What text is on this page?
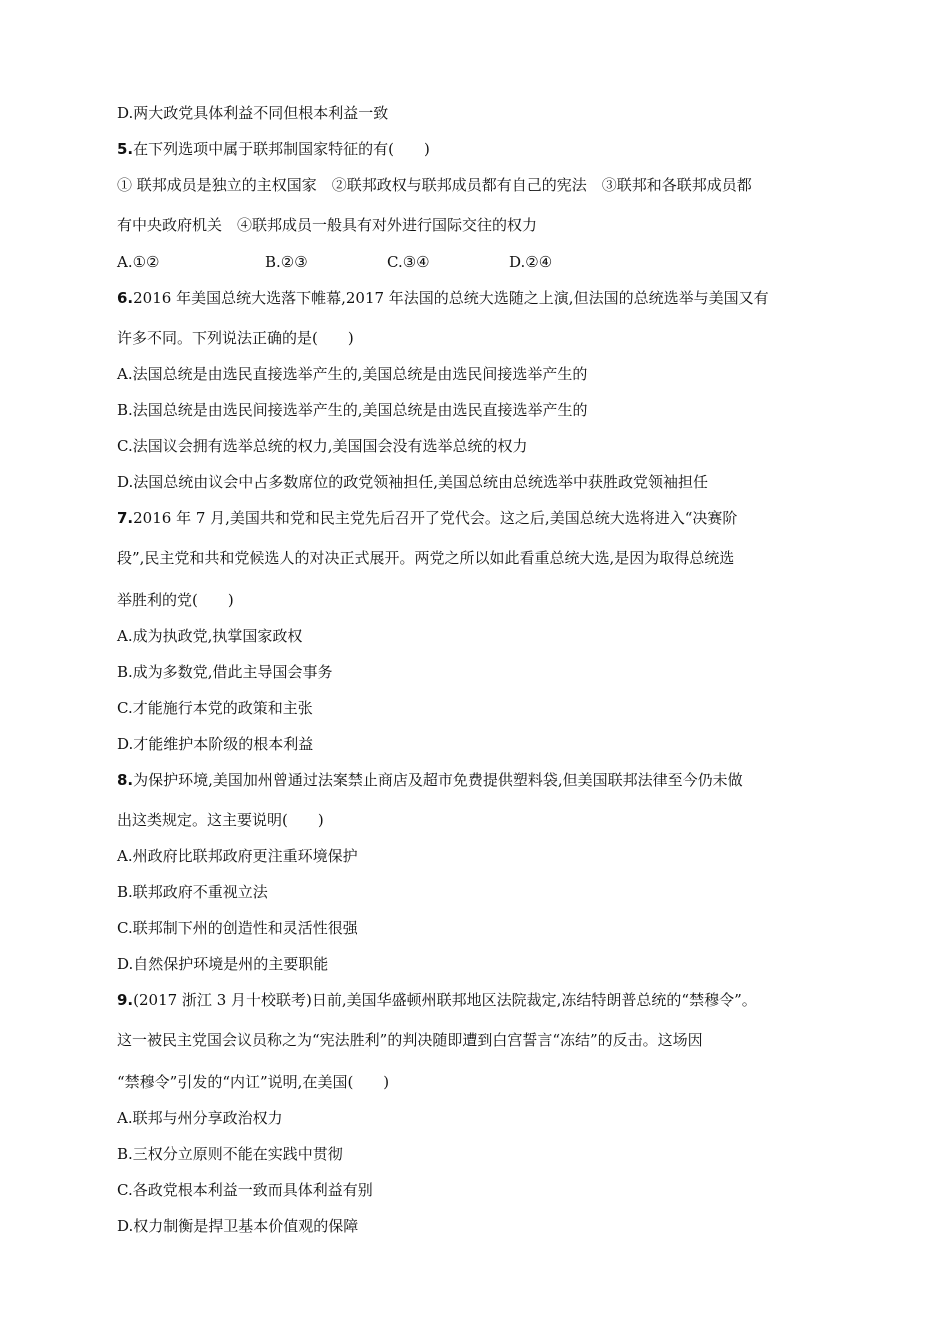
D.两大政党具体利益不同但根本利益一致
5.在下列选项中属于联邦制国家特征的有(　　)
① 联邦成员是独立的主权国家　②联邦政权与联邦成员都有自己的宪法　③联邦和各联邦成员都
有中央政府机关　④联邦成员一般具有对外进行国际交往的权力
A.①②	B.②③	C.③④	D.②④
6.2016 年美国总统大选落下帷幕,2017 年法国的总统大选随之上演,但法国的总统选举与美国又有
许多不同。下列说法正确的是(　　)
A.法国总统是由选民直接选举产生的,美国总统是由选民间接选举产生的
B.法国总统是由选民间接选举产生的,美国总统是由选民直接选举产生的
C.法国议会拥有选举总统的权力,美国国会没有选举总统的权力
D.法国总统由议会中占多数席位的政党领袖担任,美国总统由总统选举中获胜政党领袖担任
7.2016 年 7 月,美国共和党和民主党先后召开了党代会。这之后,美国总统大选将进入“决赛阶
段”,民主党和共和党候选人的对决正式展开。两党之所以如此看重总统大选,是因为取得总统选
举胜利的党(　　)
A.成为执政党,执掌国家政权
B.成为多数党,借此主导国会事务
C.才能施行本党的政策和主张
D.才能维护本阶级的根本利益
8.为保护环境,美国加州曾通过法案禁止商店及超市免费提供塑料袋,但美国联邦法律至今仍未做
出这类规定。这主要说明(　　)
A.州政府比联邦政府更注重环境保护
B.联邦政府不重视立法
C.联邦制下州的创造性和灵活性很强
D.自然保护环境是州的主要职能
9.(2017 浙江 3 月十校联考)日前,美国华盛顿州联邦地区法院裁定,冻结特朗普总统的“禁穆令”。
这一被民主党国会议员称之为“宪法胜利”的判决随即遭到白宫誓言“冻结”的反击。这场因
“禁穆令”引发的“内讧”说明,在美国(　　)
A.联邦与州分享政治权力
B.三权分立原则不能在实践中贯彻
C.各政党根本利益一致而具体利益有别
D.权力制衡是捍卫基本价值观的保障
